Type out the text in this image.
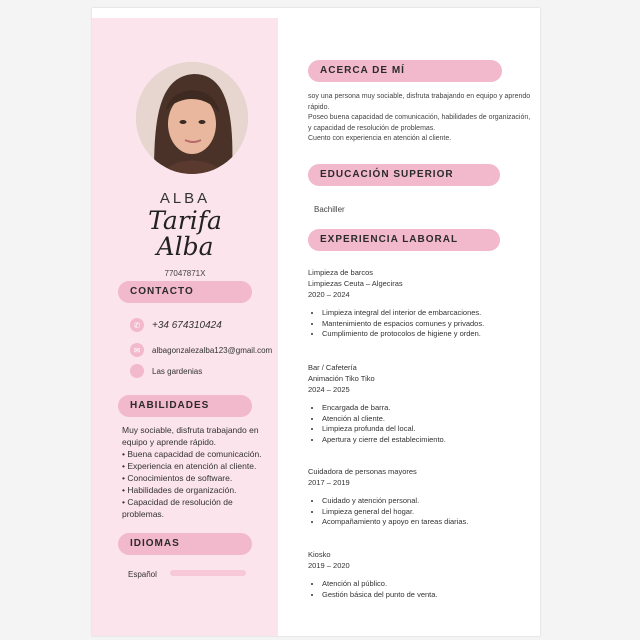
ALBA
Tarifa
Alba
77047871X
CONTACTO
✆	+34 674310424
✉	albagonzalezalba123@gmail.com
Las gardenias
HABILIDADES
Muy sociable, disfruta trabajando en equipo y aprende rápido.
• Buena capacidad de comunicación.
• Experiencia en atención al cliente.
• Conocimientos de software.
• Habilidades de organización.
• Capacidad de resolución de problemas.
IDIOMAS
Español
ACERCA DE MÍ
soy una persona muy sociable, disfruta trabajando en equipo y aprendo rápido.
Poseo buena capacidad de comunicación, habilidades de organización, y capacidad de resolución de problemas.
Cuento con experiencia en atención al cliente.
EDUCACIÓN SUPERIOR
Bachiller
EXPERIENCIA LABORAL
Limpieza de barcos
Limpiezas Ceuta – Algeciras
2020 – 2024
• Limpieza integral del interior de embarcaciones.
• Mantenimiento de espacios comunes y privados.
• Cumplimiento de protocolos de higiene y orden.
Bar / Cafetería
Animación Tiko Tiko
2024 – 2025
• Encargada de barra.
• Atención al cliente.
• Limpieza profunda del local.
• Apertura y cierre del establecimiento.
Cuidadora de personas mayores
2017 – 2019
• Cuidado y atención personal.
• Limpieza general del hogar.
• Acompañamiento y apoyo en tareas diarias.
Kiosko
2019 – 2020
• Atención al público.
• Gestión básica del punto de venta.
